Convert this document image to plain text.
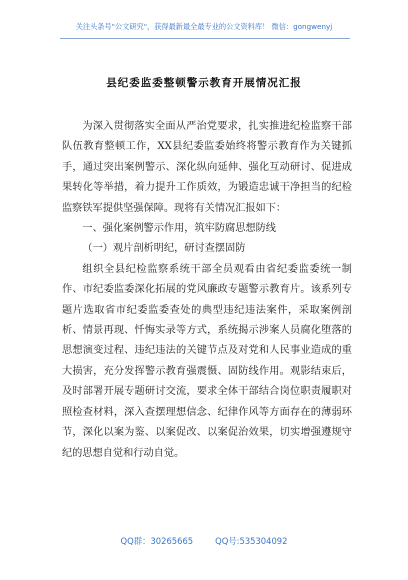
关注头条号"公文研究"，获得最新最全最专业的公文资料库！ 微信：gongwenyj
县纪委监委整顿警示教育开展情况汇报

为深入贯彻落实全面从严治党要求，扎实推进纪检监察干部队伍教育整顿工作，XX县纪委监委始终将警示教育作为关键抓手，通过突出案例警示、深化纵向延伸、强化互动研讨、促进成果转化等举措，着力提升工作质效，为锻造忠诚干净担当的纪检监察铁军提供坚强保障。现将有关情况汇报如下：

一、强化案例警示作用，筑牢防腐思想防线

（一）观片剖析明纪，研讨查摆固防

组织全县纪检监察系统干部全员观看由省纪委监委统一制作、市纪委监委深化拓展的党风廉政专题警示教育片。该系列专题片选取省市纪委监委查处的典型违纪违法案件，采取案例剖析、情景再现、忏悔实录等方式，系统揭示涉案人员腐化堕落的思想演变过程、违纪违法的关键节点及对党和人民事业造成的重大损害，充分发挥警示教育强震慑、固防线作用。观影结束后，及时部署开展专题研讨交流，要求全体干部结合岗位职责履职对照检查材料，深入查摆理想信念、纪律作风等方面存在的薄弱环节，深化以案为鉴、以案促改、以案促治效果，切实增强遵规守纪的思想自觉和行动自觉。

QQ群：30265665	QQ号:535304092
